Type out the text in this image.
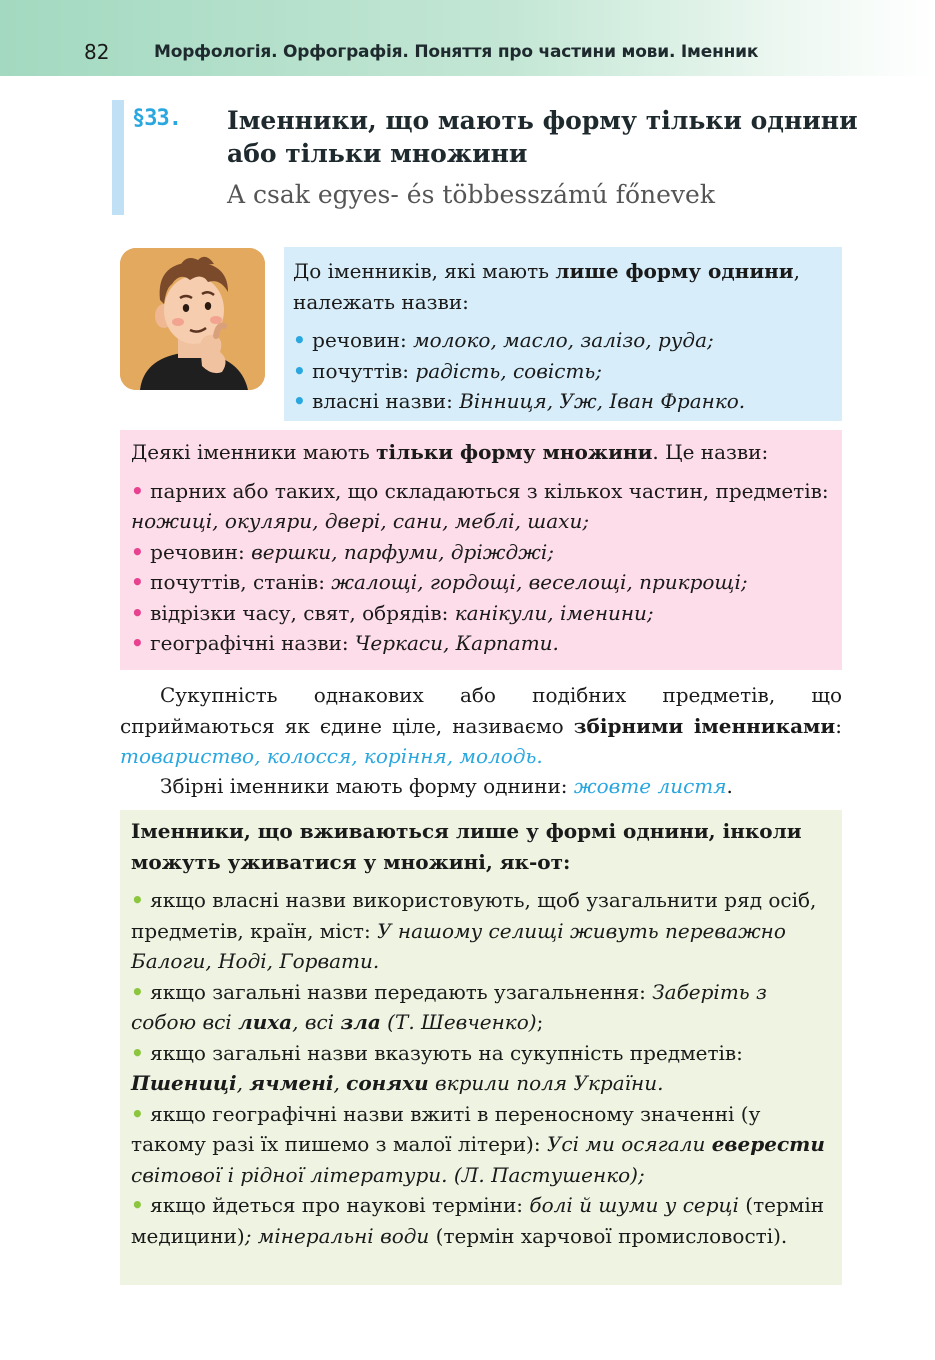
82	Морфологія. Орфографія. Поняття про частини мови. Іменник
§33. Іменники, що мають форму тільки однини
або тільки множини

A csak egyes- és többesszámú főnevek

До іменників, які мають лише форму однини, належать назви:

• речовин: молоко, масло, залізо, руда;
• почуттів: радість, совість;
• власні назви: Вінниця, Уж, Іван Франко.

Деякі іменники мають тільки форму множини. Це назви:

• парних або таких, що складаються з кількох частин, предметів: ножиці, окуляри, двері, сани, меблі, шахи;
• речовин: вершки, парфуми, дріжджі;
• почуттів, станів: жалощі, гордощі, веселощі, прикрощі;
• відрізки часу, свят, обрядів: канікули, іменини;
• географічні назви: Черкаси, Карпати.

Сукупність однакових або подібних предметів, що сприймаються як єдине ціле, називаємо збірними іменниками: товариство, колосся, коріння, молодь.

Збірні іменники мають форму однини: жовте листя.

Іменники, що вживаються лише у формі однини, інколи можуть уживатися у множині, як-от:

• якщо власні назви використовують, щоб узагальнити ряд осіб, предметів, країн, міст: У нашому селищі живуть переважно Балоги, Ноді, Горвати.
• якщо загальні назви передають узагальнення: Заберіть з собою всі лиха, всі зла (Т. Шевченко);
• якщо загальні назви вказують на сукупність предметів: Пшениці, ячмені, соняхи вкрили поля України.
• якщо географічні назви вжиті в переносному значенні (у такому разі їх пишемо з малої літери): Усі ми осягали еверести світової і рідної літератури. (Л. Пастушенко);
• якщо йдеться про наукові терміни: болі й шуми у серці (термін медицини); мінеральні води (термін харчової промисловості).
